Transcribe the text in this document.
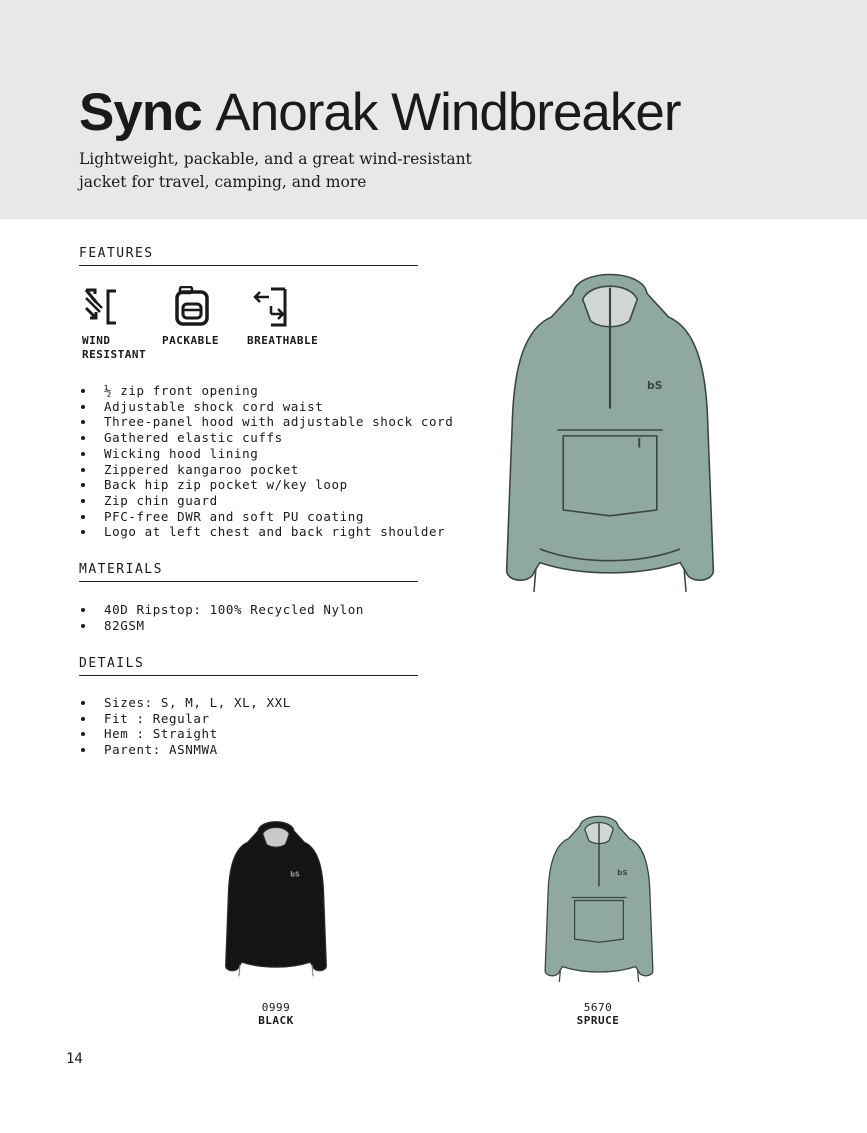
Sync Anorak Windbreaker

Lightweight, packable, and a great wind-resistant
jacket for travel, camping, and more

FEATURES
WIND
RESISTANT
PACKABLE	BREATHABLE
½ zip front opening
Adjustable shock cord waist
Three-panel hood with adjustable shock cord
Gathered elastic cuffs
Wicking hood lining
Zippered kangaroo pocket
Back hip zip pocket w/key loop
Zip chin guard
PFC-free DWR and soft PU coating
Logo at left chest and back right shoulder
MATERIALS
40D Ripstop: 100% Recycled Nylon
82GSM
DETAILS
Sizes: S, M, L, XL, XXL
Fit : Regular
Hem : Straight
Parent: ASNMWA
bS
bS
0999
BLACK
bS
5670
SPRUCE
14
